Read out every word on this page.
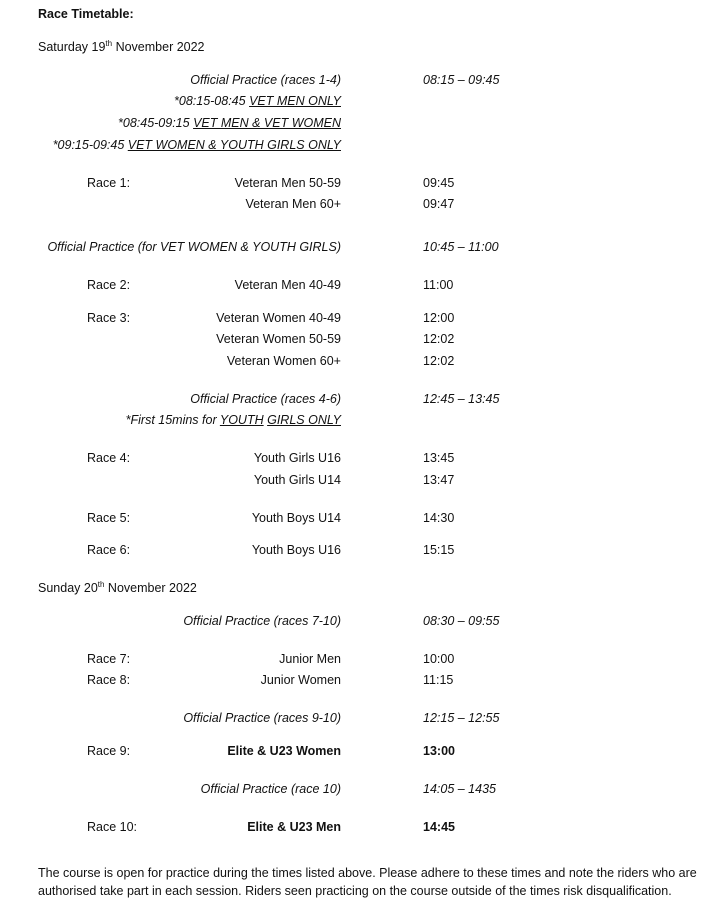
Race Timetable:
Saturday 19th November 2022
Official Practice (races 1-4)	08:15 – 09:45
*08:15-08:45 VET MEN ONLY
*08:45-09:15 VET MEN & VET WOMEN
*09:15-09:45 VET WOMEN & YOUTH GIRLS ONLY
Race 1:	Veteran Men 50-59	09:45
Veteran Men 60+	09:47
Official Practice (for VET WOMEN & YOUTH GIRLS)	10:45 – 11:00
Race 2:	Veteran Men 40-49	11:00
Race 3:	Veteran Women 40-49	12:00
Veteran Women 50-59	12:02
Veteran Women 60+	12:02
Official Practice (races 4-6)	12:45 – 13:45
*First 15mins for YOUTH GIRLS ONLY
Race 4:	Youth Girls U16	13:45
Youth Girls U14	13:47
Race 5:	Youth Boys U14	14:30
Race 6:	Youth Boys U16	15:15
Sunday 20th November 2022
Official Practice (races 7-10)	08:30 – 09:55
Race 7:	Junior Men	10:00
Race 8:	Junior Women	11:15
Official Practice (races 9-10)	12:15 – 12:55
Race 9:	Elite & U23 Women	13:00
Official Practice (race 10)	14:05 – 1435
Race 10:	Elite & U23 Men	14:45
The course is open for practice during the times listed above. Please adhere to these times and note the riders who are authorised take part in each session. Riders seen practicing on the course outside of the times risk disqualification.
